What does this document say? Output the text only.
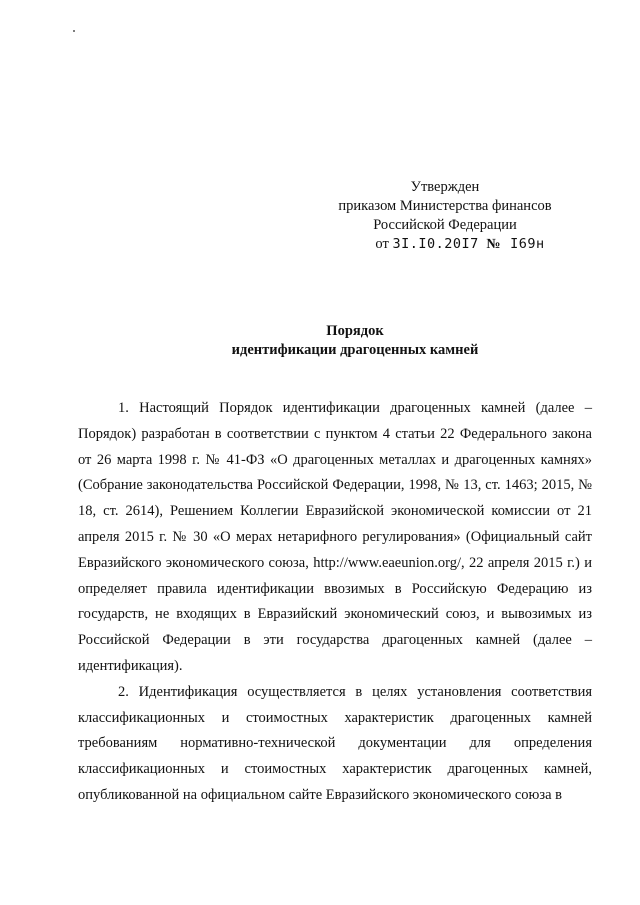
Утвержден
приказом Министерства финансов
Российской Федерации
от 3I.I0.20I7 № I69н
Порядок
идентификации драгоценных камней

1. Настоящий Порядок идентификации драгоценных камней (далее – Порядок) разработан в соответствии с пунктом 4 статьи 22 Федерального закона от 26 марта 1998 г. № 41-ФЗ «О драгоценных металлах и драгоценных камнях» (Собрание законодательства Российской Федерации, 1998, № 13, ст. 1463; 2015, № 18, ст. 2614), Решением Коллегии Евразийской экономической комиссии от 21 апреля 2015 г. № 30 «О мерах нетарифного регулирования» (Официальный сайт Евразийского экономического союза, http://www.eaeunion.org/, 22 апреля 2015 г.) и определяет правила идентификации ввозимых в Российскую Федерацию из государств, не входящих в Евразийский экономический союз, и вывозимых из Российской Федерации в эти государства драгоценных камней (далее – идентификация).

2. Идентификация осуществляется в целях установления соответствия классификационных и стоимостных характеристик драгоценных камней требованиям нормативно-технической документации для определения классификационных и стоимостных характеристик драгоценных камней, опубликованной на официальном сайте Евразийского экономического союза в
